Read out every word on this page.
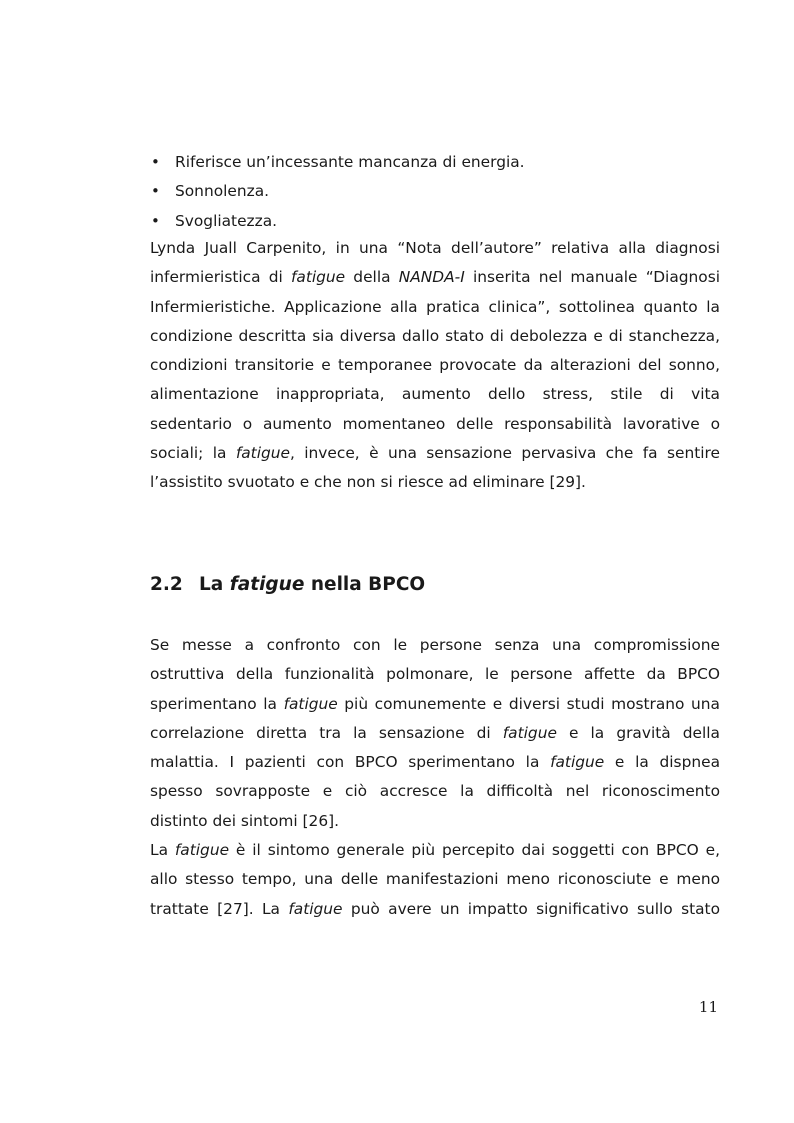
• Riferisce un’incessante mancanza di energia.
• Sonnolenza.
• Svogliatezza.

Lynda Juall Carpenito, in una “Nota dell’autore” relativa alla diagnosi
infermieristica di fatigue della NANDA-I inserita nel manuale “Diagnosi
Infermieristiche. Applicazione alla pratica clinica”, sottolinea quanto la
condizione descritta sia diversa dallo stato di debolezza e di stanchezza,
condizioni transitorie e temporanee provocate da alterazioni del sonno,
alimentazione inappropriata, aumento dello stress, stile di vita
sedentario o aumento momentaneo delle responsabilità lavorative o
sociali; la fatigue, invece, è una sensazione pervasiva che fa sentire
l’assistito svuotato e che non si riesce ad eliminare [29].

2.2 La fatigue nella BPCO

Se messe a confronto con le persone senza una compromissione
ostruttiva della funzionalità polmonare, le persone affette da BPCO
sperimentano la fatigue più comunemente e diversi studi mostrano una
correlazione diretta tra la sensazione di fatigue e la gravità della
malattia. I pazienti con BPCO sperimentano la fatigue e la dispnea
spesso sovrapposte e ciò accresce la difficoltà nel riconoscimento
distinto dei sintomi [26].

La fatigue è il sintomo generale più percepito dai soggetti con BPCO e,
allo stesso tempo, una delle manifestazioni meno riconosciute e meno
trattate [27]. La fatigue può avere un impatto significativo sullo stato

11
